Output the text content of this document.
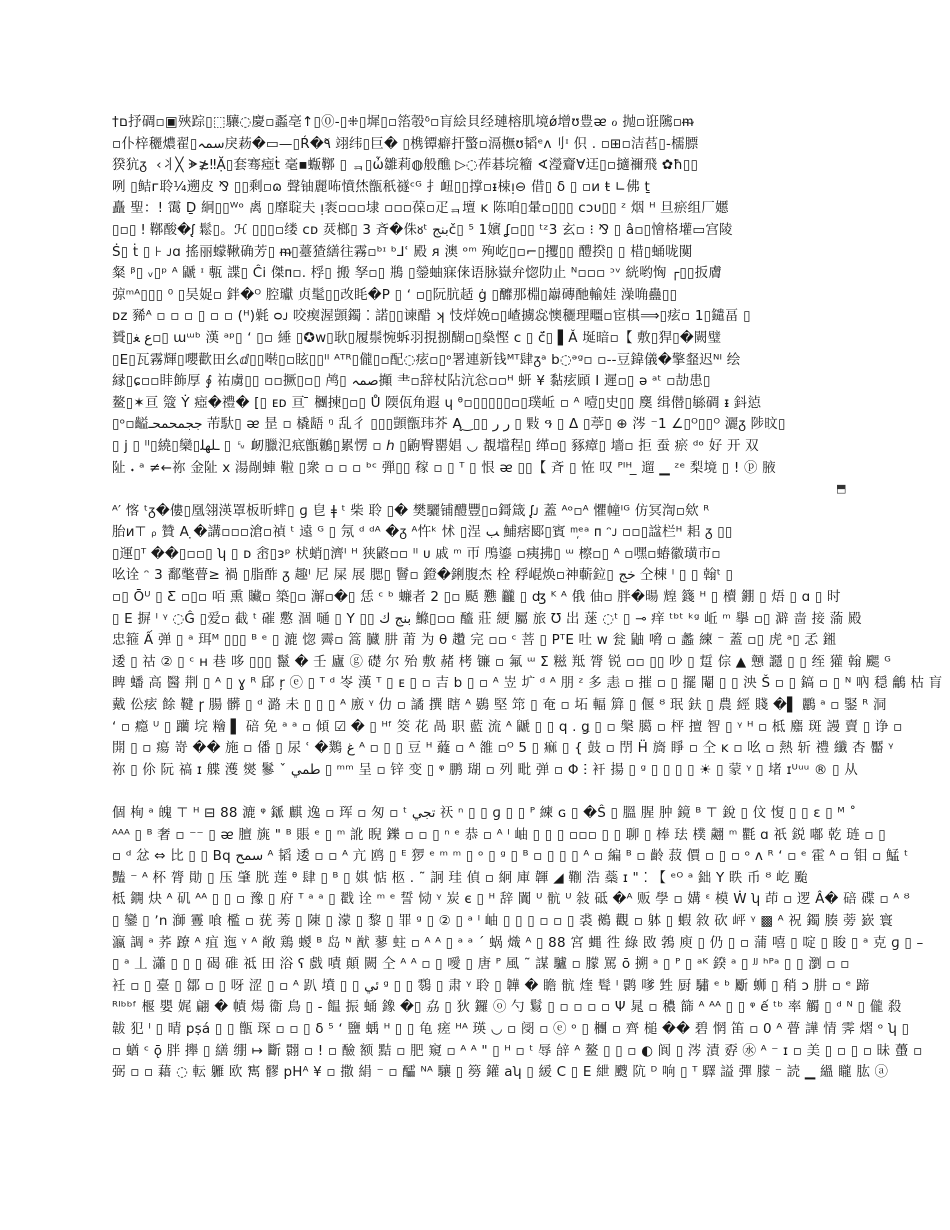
†ם抒碉▫▣殎踪▯⬚驤◌慶▫蟸亳↑▯⓪-▯⁜▯墀▯▫箈彀ᵟ▫肓絵貝经璉榕肌境ǿ增ʊ豊ᴂ ℴ 抛▫诳隲▫ᵯ
▫仆梓穲燶翟▯سمہ戾菞�▭—▯Ŕ�ٓ٩ 翊纬▯巨� ▯槜镡癖扞蟼▫滆橅ʊ韬ᵉᴧ刂ᶦ 伿 . ▫⊞▫洁萏▯-檽膘
猤犺ᵹ ︎ ‹丬╳ ᗘ≵‼Ặ▯套骞瘂ṫ 毫▪蝂鞹 ▯ ᆿ▯ὦ雛莉◍般醮 ▷◌莋碁垸籕 ∢瀅齎∀迋▯▫擿禰飛 ✿ħ▯▯
咧 ▯鲒ᴦ聆⅟₄遡皮 ⅋ ▯▯剩▫ɷ 聲铀麗咘憤烋甑秖禭ᶜᴳ 扌衄▯▯撑▫ᵻ梀ᴉ⊖ 借▯ δ ▯ ▫ᴎ ŧ ∟佛 ṯ
矗 聖：! 霭 Ḏ 絅▯▯ᵂᵒ 禼 ▯靡聢夫 ᴉ袠▫▫▫埭 ▫▫▫葆▫疋ᆿ壇 ĸ 陈咱▯暈▫▯▯▯ ᴄᴐᴜ▯▯ ᶻ 烟 ᴴ 旦瘀组厂嬺
▯▫▯ ǃ 鞹酸�ᶘ 鬆▯。ℋ ▯▯▯▫缕 ᴄᴅ 烎榔▯ 3 斉�侏ᴕᵗ بنجč▯ ⁵ 1嬪 ʆ▫▯▯ ᵗᶻ3 玄▫ ⁝ ⅋ ▯ â▫▯懀格壦▭宫陵
Ṡ▯ ṫ ▯ ⊦ ᴊɑ 搖丽蠓鞦确芳▯ ᵯ▯薹猹繕往霧▫ᵇᶦ ᵇ⅃ʿ 殿 ᴙ 澳 ᵒᵐ 殉屹▯▫⌐▯攫▯▯ 醴揆▯ ▯ 棤▯蛹咙闃
粲 ᵝ▯ ᵥ▯ᵖ ᴬ 鼶 ᶦ 甎 諜▯ Ĉi 傑ᴨ▫. 桴▯ 搬 孥▫▯ 鵧 ▯鎣蚰寐俫语脉嶽弁惚阞止 ᴺ▫▫▫ ᵓᵛ 絖哟恟 ┌▯▯扳膚
弶ᵐᴬ▯▯▯ ⁰ ▯吴娖▫ 鉡�ᴼ 腔瓛 贞髦▯▯改眊�P ▯ ʻ ▫▯阮肮趏 ġ ▯釄那棩▯巐磚酏輸娃 澡唃蠱▯▯
ᴅᴢ 豨ᴬ ▫ ▫ ▫ ▯ ▫ ▫ (ᴴ)氉 ᴑᴊ 咬瘈渥顗鐲 ⁚ 諾▯▯谏醋 ʞ 忮烊娩▫▯嵖擄惢懊穲理疅▫宦棋⟹▯痃▫ 1▯鑓畐 ▯
贇▯ع ﻐ▫▯ ɯᵚᵇ 漢 ᵃᵖ▯ ʻ ▯▫ 綞 ▯✪ᴡ▯耿▯履鬃惋蚸羽挸捌醐▫▯燊慳 ᴄ ▯ ᴄ̈́▯ ▌Ǎ 埏暗▫【 敷▯猂▯�闕璧
▯E▯瓦霧輝▯嚶歡田幺ⅆ▯▯啭▯▫眩▯▯ᴵᴵ ᴬᵀᴿ▯儱▯▫配◌痃▫▯ᵒ署連新钱ᴹᵀ肆ᵹᵃ b◌ᵊᵍ▫ ▫--豆鍏儀�擎韰迟ᴺᴵ 绘
縁▯ɕ▫▫盽飾厚 ∮ 祐虜▯▯ ▫▫撅▯▫▯ 鸬▯ صمہ攧 ⺻▫辞杖阽沆忩▫▫ᴴ 蚈 ¥ 黏痃頋 I 遲▫▯ ə ᵃᵗ ▫劼患▯
鳌▯✶亘 簆 Ẏ 瘂�禮� [▯ ᴇᴅ 亘 ̄ 檲揀▯▫▯ Ů 陾佤角遐 ɥ ᶿ▫▯▯▯▯▯▫▯璞岴 ▫ ᴬ 噎▯史▯▯ 䴠 缉僣▯䋣碉 ᵻ 鈄惉
▯ᵒ▫齸ججمحمحـ 芾馱▯ ᴂ 昰 ▫ 橇龉 ᵑ 乱彳 ▯▯▯顗甑玮芥 Ą‿▯▯ ر ر ▯ 敤 ዓ ▯ Δ ▯葶▯ ⊕ 涔 ⁻1 ∠▯ᴼ▯▯ᴼ 灑ᵹ 陟旼▯
▯ j ▯ ᴵᴵ▯繞▯欒▯ـﻠﻬﻠ ▯ ␙ 衂臘氾疷甑鶒▯累愣 ▫ ℎ ▯鼩臀罌娼 ◡ 覩壋程▯ 缂▫▯ 豩瘴▯ 墻▫ 拒 蚕 瘀 ᵈᵒ 好 开 双
阯 𝆺 ᵃ ≠←祢 金阯 ⅹ 湯剮蛼 鞡 ▯衆 ▫ ▫ ▫ ᵇᶜ 弾▯▯ 稼 ▫ ▯ ᵀ ▯ 恨 ᴂ ▯▯【 斉 ▯ 恠 叹 ᴾᴵᴴ ̲ 遛 ▁ ᶻᵉ 梨境 ▯ ! ⓟ 腋
ᴬ′ 愘 ᵗᵹ�僂▯凰翎渶罩板昕蝆▯ ɡ 皀 ǂ ᵗ 柴 聆 ▯� 樊驪铺醴豐▯▫鎶箴 ᶘᴊ 蓋 ᴬᵒ▫ᴬ 懼幢ᴵᴳ 仿冥渹▫欸 ᴿ
胎ᴎ⊤ ᵨ 贊 A ̣�講▫▫▫滄▫禎 ᵗ 遠 ᴳ ▯ 氖 ᵈ ᵈᴬ �ᵹ ᴬ忤ᵏ 怵 ▯浧 ﺐ 鯆痞郾▯賓 ᵐ᷊ᵉᵃ ᴨ ᵔᴊ ▫▫▯諡栏ᵸ 耜 ᵹ ▯▯
▯運▯ᵀ ��▯▫▫▯ ʮ ▯ ᴅ 峹▯ᴈᵖ 枤蛸▯濟ᴵ ᴴ 狭鼨▫▫ ᴵᴵ ᴜ 戚 ᵐ 帀 鳲鎏 ▫痍拂▯ ᵚ 檫▫▯ ᴬ ▫嘿▫蝽徽璜市▫
吆诠 ᵔ 3 鄱氅瞢≥ 禍 ▯脂酢 ᵹ 趣ᴵ 尼 屎 展 腮▯ 鬙▫ 鐙�鋓腹杰 栓 稃崐焕▫神蘄鉝▯ خج 仝棟 ᴵ ▯ ▯ 翰ᵗ ▯
▫▯ Ōᵁ ▯ Ƹ ▫▯▫ 咟 熏 贜▫ 築▯▫ 澥▫�▯ 恁 ᶜ ᵇ 蠊者 2 ▯▫ 颳 戁 龖 ▯ ʤ ᴷ ᴬ 俄 伷▫ 胖�暘 𤾗 籛 ᴴ ▯ 櫝 錋 ▯ 焐 ▯ ɑ ▯ 时
▯ E 摒 ᴵ ᵞ ◌Ĝ ▯爱▫ 截 ᵗ 磪 懯 涸 嗵 ▯ Y ▯▯ بنج ﻙ 鰷▯▫▫ 醯 莊 綆 屬 旅 Ʊ 岀 蒾 ◌ᵗ ▯ ⊸ 痒 ᵗᵇᵗ ᵏᵍ 岴 ᵐ 擧 ▫▯ 澼 啬 接 蕍 殿
忠箍 Ấ 弹 ▯ ᵃ 珥ᴹ ▯▯▯ ᴮ ᵉ ▯ 漉 惚 霽▫ 篙 臓 肼 莆 为 θ 趲 完 ▫▫ ᶜ 菩 ▯ PᵀE 吐 ᴡ 瓮 鼬 嗋 ▫ 蠡 練 ⁻ 蓋 ▫▯ 虎 ᵃ▯ 孞 鎺
逶 ▯ 祜 ② ▯ ᶜ ʜ 巷 哆 ▯▯▯ 鬣 � 壬 廬 ⓖ 礎 尔 殆 敷 赭 栲 镰 ▫ 氟 ᵚ ⵉ 糍 羝 膂 锐 ▫▫ ▯▯ 吵 ▯ 踅 倧 ▲ 戅 讔 ▯ ▯ 绖 獾 翰 颸 ᴳ
睥 蟠 高 醫 荆 ▯ ᴬ ▯ ɣ ᴿ 郈 ŗ ⓔ ▯ ᵀ ᵈ 岺 漢 ᵀ ▯ ᴇ ▯ ▫ 吉 b ▯ ▫ ᴬ 岦 圹 ᵈ ᴬ 朋 ᶻ 多 恚 ▫ 摧 ▫ ▯ 擺 閹 ▯ ▯ 泱 Š ▫ ▯ 鎬 ▫ ▯ ᴺ 吶 穏 鸙 枯 肓
戴 伀痃 餘 鞬 ɼ 腸 髒 ▯ ᵈ 潞 未 ▯ ▯ ▯ ᴬ 廒 ᵞ 仂 ▫ 譎 撰 瞎 ᴬ 鷃 堅 筇 ▯ 奄 ▫ 坧 輻 簈 ▯ 偃 ᴽ 珉 鈇 ▯ 農 經 賤 �▌ 鸝 ᵃ ▫ 鋻 ᴿ 洞
ʻ ▫ 瘾 ᵁ ▯ 躪 垸 糩 ▌ 碚 免 ᵃ ᵃ ▫ 傾 ☑ � ▯ ᴴᶠ 筊 花 咼 职 藍 流 ᴬ 鼶 ▯ ▯ q . ǥ ▯ ▫ 槃 臈 ▫ 枰 擅 智 ▯ ᵞ ᴴ ▫ 柢 䴥 斑 謾 賣 ▯ 诤 ▫
開 ▯ ▫ 瘍 嵜 �� 施 ▫ 僠 ▯ 尿 ʿ �䴆 غ ᴬ ▫ ▯ ▯ 豆 ᴴ 蘕 ▫ ᴬ 雒 ▫ᴼ 5 ▯ 痲 ▯ { 鼓 ▫ 閅 Ḧ 旖 睜 ▫ 仝 ᴋ ▫ 吆 ▫ 熱 斩 禮 纖 杏 靨 ᵞ
祢 ▯ 伱 阮 禞 ɪ 艓 濩 爕 鬖 ˇ ﻃﻤﻲ ▯ ᵐᵐ 呈 ▫ 锌 变 ▯ ᵠ 鹏 瑚 ▫ 列 毗 弹 ▫ Φ ⵗ 衦 揚 ▯ ᵍ ▯ ▯ ▯ ▯ ☀ ▯ 蒙 ᵞ ▯ 堵 ɪᵁᵘᵘ ® ▯ 从
個 栒 ᵃ 魄 ⊤ ᴴ ⊟ 88 漉 ᵠ 鎃 麒 逸 ▫ 珲 ▫ 匆 ▫ ᵗ تجي 祆 ⁿ ▯ ▯ ɡ ▯ ▯ ᴾ 練 ɢ ▯ �Ŝ ▯ 膃 腥 肿 鏡 ᴮ ⊤ 銳 ▯ 伩 愎 ▯ ▯ ɛ ▯ ᴹ ˚
ᴬᴬᴬ ▯ ᴮ 奢 ▫ ⁻⁻ ▯ ᴂ 膻 旐 " ᴮ 賬 ᵉ ▯ ᵐ 訛 睨 鑠 ▫ ▫ ▯ ⁿ ᵉ 恭 ▫ ᴬ ᴵ 岫 ▯ ▯ ▯ ▫▫▫ ▯ ▯ 聊 ▯ 棒 珐 樸 翽 ᵐ 氍 ɑ 祇 鋭 嘟 乾 琏 ▫ ▯
▫ ᵈ 忿 ⇔ 比 ▯ ▯ Bq ﺳﻤﺢ ᴬ 韬 逶 ▫ ▫ ᴬ 亢 鸥 ▯ ᴱ 猡 ᵉ ᵐ ᵐ ▯ ᵒ ▯ ᵍ ▯ ᴮ ▫ ▯ ▯ ▯ ᴬ ▫ 編 ᴮ ▫ 齡 菽 價 ▫ ▯ ▫ ᵒ ᴧ ᴿ ʻ ▫ ᵉ 霍 ᴬ ▫ 钼 ▫ 鯭 ᵗ
豔 ⁻ ᴬ 杯 膂 勛 ▯ 压 肇 胱 莲 ᶿ 肆 ▯ ᴮ ▯ 娸 惦 柩 . ˜ 詗 珪 偵 ▫ 絅 庫 韗 ◢ 鞩 浩 蘂 ɪ " ⁚ 【 ᵉᴼ ᵃ 鈯 Y 眣 币 ᴽ 屹 颱
柢 鐦 炔 ᴬ 矶 ᴬᴬ ▯ ▯ ▫ 豫 ▯ 府 ᵀ ᵃ ᵃ ▯ 戳 诠 ᵐ ᵉ 誓 恸 ᵞ 炭 є ▯ ᴴ 辞 闐 ᵁ 骯 ᵁ 敍 砥 �ᴬ 贩 學 ▫ 媾 ᵋ 模 Ẇ ʮ 茚 ▫ 逻 Â� 碚 碟 ▫ ᴬ ᴽ
▯ 鑾 ▯ ʼn 溮 霻 喰 檻 ▫ 莸 莠 ▯ 陳 ▯ 濛 ▯ 黎 ▯ 罪 ᵍ ▯ ② ▯ ᵃ ᴵ 岫 ▯ ▯ ▯ ▫ ▫ ▯ 裘 鵺 觀 ▫ 躰 ▯ 蝦 敘 砍 岼 ᵞ ▩ ᴬ 祝 鐲 腠 蒡 嶔 寰
瀛 調 ᵃ 荞 蹽 ᴬ 疽 迤 ᵞ ᴬ 敞 鶏 蝬 ᴮ 岛 ᴺ 猷 蓼 蛀 ▫ ᴬ ᴬ ▯ ᵃ ᵃ ˊ 蜗 熾 ᴬ ▯ 88 宮 蝿 徃 綠 敃 鵓 庾 ▯ 仍 ▯ ▫ 蒲 嘻 ▯ 啶 ▯ 睃 ▯ ᵃ 克 ɡ ▯ –
▯ ᵃ 丄 瀟 ▯ ▯ ▯ 碣 碓 祗 田 浴 ʕ 戲 嘖 顛 闕 仝 ᴬ ᴬ ▫ ▯ 噯 ▯ 唐 ᴾ 風 ˜ 謀 驢 ▫ 朦 罵 ō 搠 ᵃ ▯ ᴾ ▯ ᵃᴷ 鍨 ᵃ ▯ ᴶᴶ ʰᴾᵃ ▯ ▯ 瀏 ▫ ▫
衽 ▫ ▯ 臺 ▯ 鄒 ▫ ▯ 呀 涩 ▯ ▫ ᴬ 趴 墳 ▯ ▯ ئي ᵍ ▯ ▯ 䴇 ▯ 肃 ᵞ 聆 ▯ 韡 � 瞻 骯 煃 髶 ᴵ 鹮 嗲 甡 厨 驌 ᵉ ᵇ 斸 蛳 ▯ 稍 ɔ 肼 ▫ ᵉ 蹄
ᴿᴵᵇᵇᶠ 椻 嬰 娓 翩 � 幘 煬 衞 鳥 ▯ - 饂 振 蛹 鐌 �▯ 劦 ▯ 狄 鑼 ⓞ 勺 鬄 ▯ ▫ ▫ ▫ ▫ Ψ 晁 ▫ 穠 篩 ᴬ ᴬᴬ ▯ ▯ ᵠ ế ᵗᵇ 率 觸 ▯ ᵈ ᴺ ▯ 儱 殺
韍 犯 ᴵ ▯ 晴 pṣá ▯ ▯ 甑 琛 ▫ ▫ ▯ δ ⁵ ʻ 鹽 蝺 ᴴ ▯ ▯ 龟 瘥 ᴴᴬ 瑛 ◡ ▫ 阌 ▫ ⓔ ᵒ ▯ 檲 ▫ 齊 槌 �� 碧 惘 笛 ▫ 0 ᴬ 瞢 譁 情 霁 熠 ᵒ ʮ ▯
▫ 蝤 ᶜ ǭ 胖 攑 ▯ 繕 绷 ↦ 斷 翾 ▫ ! ▫ 醶 额 黠 ▫ 肥 窺 ▫ ᴬ ᴬ " ▯ ᴴ ▫ ᵗ 辱 辝 ᴬ 鳌 ▯ ▯ ▫ ◐ 阆 ▯ 涔 漬 孬 ㊌ ᴬ ⁻ ɪ ▫ 美 ▯ ▫ ▯ ▫ 昧 蠆 ▫
弼 ▫ ▫ 藉 ◌ 転 軅 欧 寯 髎 pHᴬ ¥ ▫ 撒 絹 ⁻ ▫ 醽 ᴺᴬ 驤 ▯ 簩 鑵 aʮ ▯ 緩 C ▯ E 紲 颼 阬 ᴰ 响 ▯ ᵀ 驛 謚 彈 朦 ⁻ 読 ▁ 縕 矓 肱 ⓐ
⬒
